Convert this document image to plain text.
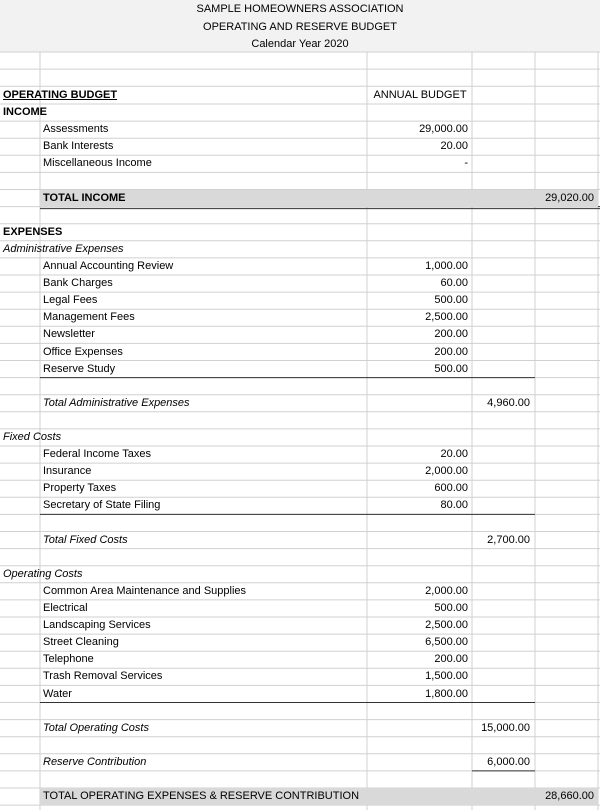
SAMPLE HOMEOWNERS ASSOCIATION
OPERATING AND RESERVE BUDGET
Calendar Year 2020
OPERATING BUDGET	ANNUAL BUDGET
INCOME
Assessments	29,000.00
Bank Interests	20.00
Miscellaneous Income	-
TOTAL INCOME	29,020.00
EXPENSES
Administrative Expenses
Annual Accounting Review	1,000.00
Bank Charges	60.00
Legal Fees	500.00
Management Fees	2,500.00
Newsletter	200.00
Office Expenses	200.00
Reserve Study	500.00
Total Administrative Expenses	4,960.00
Fixed Costs
Federal Income Taxes	20.00
Insurance	2,000.00
Property Taxes	600.00
Secretary of State Filing	80.00
Total Fixed Costs	2,700.00
Operating Costs
Common Area Maintenance and Supplies	2,000.00
Electrical	500.00
Landscaping Services	2,500.00
Street Cleaning	6,500.00
Telephone	200.00
Trash Removal Services	1,500.00
Water	1,800.00
Total Operating Costs	15,000.00
Reserve Contribution	6,000.00
TOTAL OPERATING EXPENSES & RESERVE CONTRIBUTION	28,660.00
